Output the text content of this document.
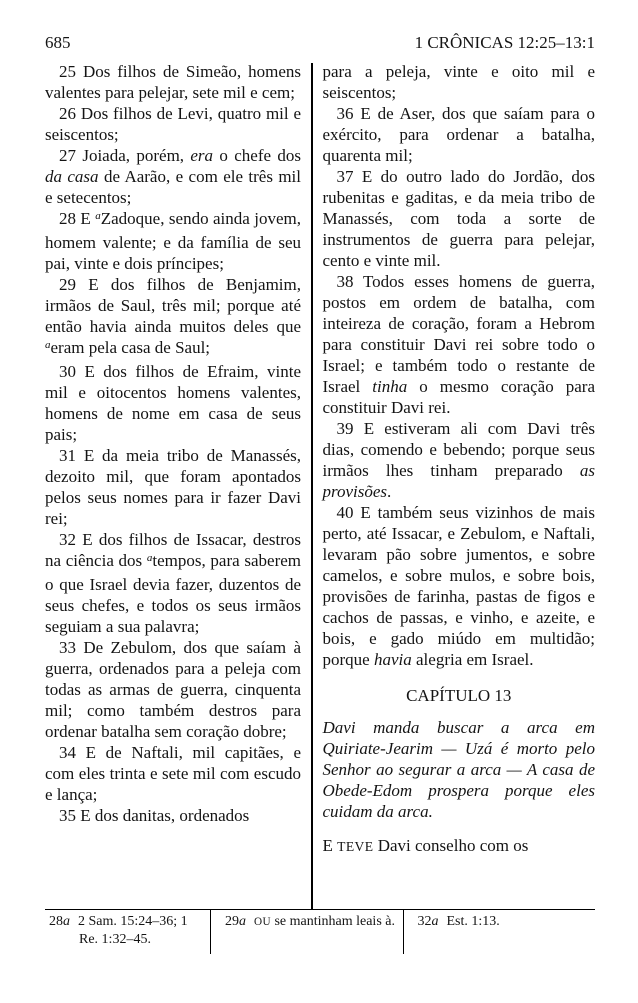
685	1 CRÔNICAS 12:25–13:1

25 Dos filhos de Simeão, homens valentes para pelejar, sete mil e cem;

26 Dos filhos de Levi, quatro mil e seiscentos;

27 Joiada, porém, era o chefe dos da casa de Aarão, e com ele três mil e setecentos;

28 E $^a$Zadoque, sendo ainda jovem, homem valente; e da família de seu pai, vinte e dois príncipes;

29 E dos filhos de Benjamim, irmãos de Saul, três mil; porque até então havia ainda muitos deles que $^a$eram pela casa de Saul;

30 E dos filhos de Efraim, vinte mil e oitocentos homens valentes, homens de nome em casa de seus pais;

31 E da meia tribo de Manassés, dezoito mil, que foram apontados pelos seus nomes para ir fazer Davi rei;

32 E dos filhos de Issacar, destros na ciência dos $^a$tempos, para saberem o que Israel devia fazer, duzentos de seus chefes, e todos os seus irmãos seguiam a sua palavra;

33 De Zebulom, dos que saíam à guerra, ordenados para a peleja com todas as armas de guerra, cinquenta mil; como também destros para ordenar batalha sem coração dobre;

34 E de Naftali, mil capitães, e com eles trinta e sete mil com escudo e lança;

35 E dos danitas, ordenados

para a peleja, vinte e oito mil e seiscentos;

36 E de Aser, dos que saíam para o exército, para ordenar a batalha, quarenta mil;

37 E do outro lado do Jordão, dos rubenitas e gaditas, e da meia tribo de Manassés, com toda a sorte de instrumentos de guerra para pelejar, cento e vinte mil.

38 Todos esses homens de guerra, postos em ordem de batalha, com inteireza de coração, foram a Hebrom para constituir Davi rei sobre todo o Israel; e também todo o restante de Israel tinha o mesmo coração para constituir Davi rei.

39 E estiveram ali com Davi três dias, comendo e bebendo; porque seus irmãos lhes tinham preparado as provisões.

40 E também seus vizinhos de mais perto, até Issacar, e Zebulom, e Naftali, levaram pão sobre jumentos, e sobre camelos, e sobre mulos, e sobre bois, provisões de farinha, pastas de figos e cachos de passas, e vinho, e azeite, e bois, e gado miúdo em multidão; porque havia alegria em Israel.

CAPÍTULO 13

Davi manda buscar a arca em Quiriate-Jearim — Uzá é morto pelo Senhor ao segurar a arca — A casa de Obede-Edom prospera porque eles cuidam da arca.

E TEVE Davi conselho com os

28a 2 Sam. 15:24–36; 1 Re. 1:32–45.
29a OU se mantinham leais à. 32a Est. 1:13.
